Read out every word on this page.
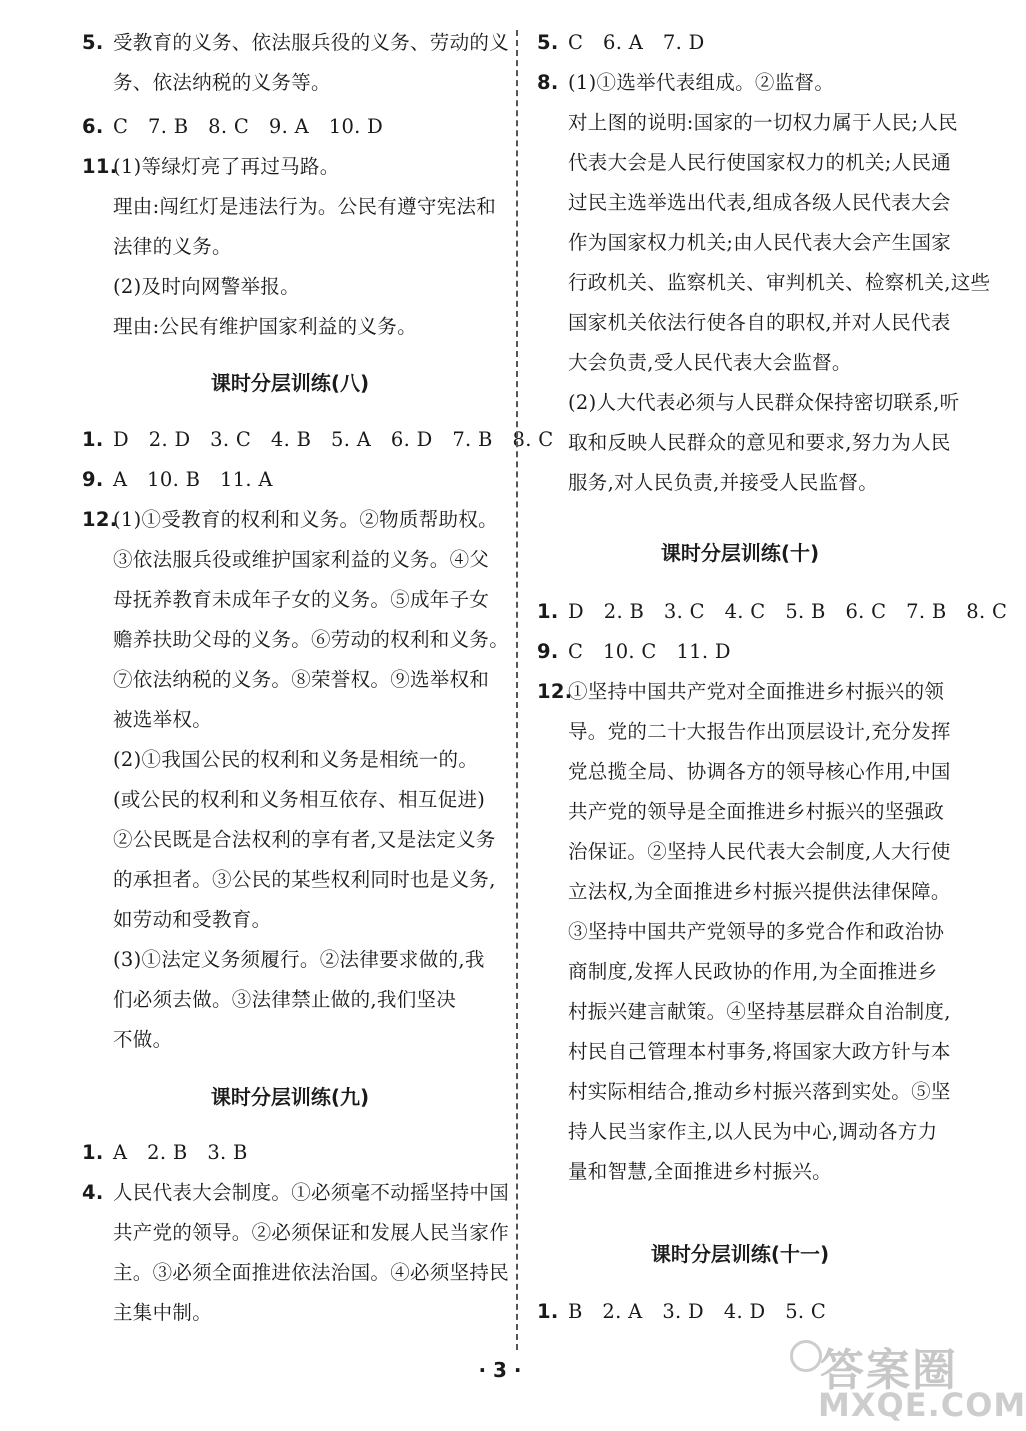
5. 受教育的义务、依法服兵役的义务、劳动的义
务、依法纳税的义务等。
6. C　7. B　8. C　9. A　10. D
11.
(1)等绿灯亮了再过马路。
理由:闯红灯是违法行为。公民有遵守宪法和
法律的义务。
(2)及时向网警举报。
理由:公民有维护国家利益的义务。
课时分层训练(八)
1. D　2. D　3. C　4. B　5. A　6. D　7. B　8. C
9. A　10. B　11. A
12.
(1)①受教育的权利和义务。②物质帮助权。
③依法服兵役或维护国家利益的义务。④父
母抚养教育未成年子女的义务。⑤成年子女
赡养扶助父母的义务。⑥劳动的权利和义务。
⑦依法纳税的义务。⑧荣誉权。⑨选举权和
被选举权。
(2)①我国公民的权利和义务是相统一的。
(或公民的权利和义务相互依存、相互促进)
②公民既是合法权利的享有者,又是法定义务
的承担者。③公民的某些权利同时也是义务,
如劳动和受教育。
(3)①法定义务须履行。②法律要求做的,我
们必须去做。③法律禁止做的,我们坚决
不做。
课时分层训练(九)
1. A　2. B　3. B
4. 人民代表大会制度。①必须毫不动摇坚持中国
共产党的领导。②必须保证和发展人民当家作
主。③必须全面推进依法治国。④必须坚持民
主集中制。
5. C　6. A　7. D
8. (1)①选举代表组成。②监督。
对上图的说明:国家的一切权力属于人民;人民
代表大会是人民行使国家权力的机关;人民通
过民主选举选出代表,组成各级人民代表大会
作为国家权力机关;由人民代表大会产生国家
行政机关、监察机关、审判机关、检察机关,这些
国家机关依法行使各自的职权,并对人民代表
大会负责,受人民代表大会监督。
(2)人大代表必须与人民群众保持密切联系,听
取和反映人民群众的意见和要求,努力为人民
服务,对人民负责,并接受人民监督。
课时分层训练(十)
1. D　2. B　3. C　4. C　5. B　6. C　7. B　8. C
9. C　10. C　11. D
12.
①坚持中国共产党对全面推进乡村振兴的领
导。党的二十大报告作出顶层设计,充分发挥
党总揽全局、协调各方的领导核心作用,中国
共产党的领导是全面推进乡村振兴的坚强政
治保证。②坚持人民代表大会制度,人大行使
立法权,为全面推进乡村振兴提供法律保障。
③坚持中国共产党领导的多党合作和政治协
商制度,发挥人民政协的作用,为全面推进乡
村振兴建言献策。④坚持基层群众自治制度,
村民自己管理本村事务,将国家大政方针与本
村实际相结合,推动乡村振兴落到实处。⑤坚
持人民当家作主,以人民为中心,调动各方力
量和智慧,全面推进乡村振兴。
课时分层训练(十一)
1. B　2. A　3. D　4. D　5. C
· 3 ·	答案圈
MXQE.COM
